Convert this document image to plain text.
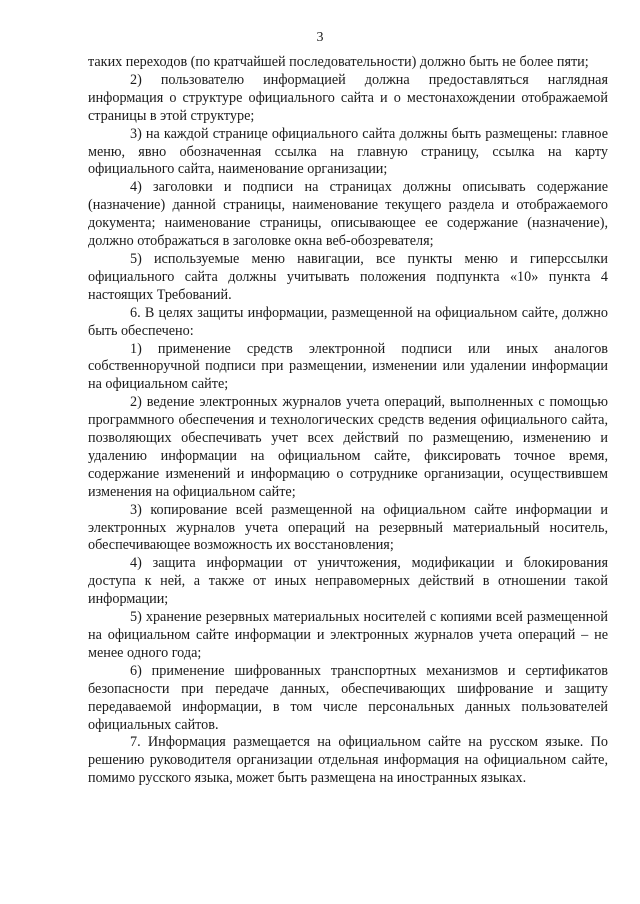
3

таких переходов (по кратчайшей последовательности) должно быть не более пяти;

2) пользователю информацией должна предоставляться наглядная информация о структуре официального сайта и о местонахождении отображаемой страницы в этой структуре;

3) на каждой странице официального сайта должны быть размещены: главное меню, явно обозначенная ссылка на главную страницу, ссылка на карту официального сайта, наименование организации;

4) заголовки и подписи на страницах должны описывать содержание (назначение) данной страницы, наименование текущего раздела и отображаемого документа; наименование страницы, описывающее ее содержание (назначение), должно отображаться в заголовке окна веб-обозревателя;

5) используемые меню навигации, все пункты меню и гиперссылки официального сайта должны учитывать положения подпункта «10» пункта 4 настоящих Требований.

6. В целях защиты информации, размещенной на официальном сайте, должно быть обеспечено:

1) применение средств электронной подписи или иных аналогов собственноручной подписи при размещении, изменении или удалении информации на официальном сайте;

2) ведение электронных журналов учета операций, выполненных с помощью программного обеспечения и технологических средств ведения официального сайта, позволяющих обеспечивать учет всех действий по размещению, изменению и удалению информации на официальном сайте, фиксировать точное время, содержание изменений и информацию о сотруднике организации, осуществившем изменения на официальном сайте;

3) копирование всей размещенной на официальном сайте информации и электронных журналов учета операций на резервный материальный носитель, обеспечивающее возможность их восстановления;

4) защита информации от уничтожения, модификации и блокирования доступа к ней, а также от иных неправомерных действий в отношении такой информации;

5) хранение резервных материальных носителей с копиями всей размещенной на официальном сайте информации и электронных журналов учета операций – не менее одного года;

6) применение шифрованных транспортных механизмов и сертификатов безопасности при передаче данных, обеспечивающих шифрование и защиту передаваемой информации, в том числе персональных данных пользователей официальных сайтов.

7. Информация размещается на официальном сайте на русском языке. По решению руководителя организации отдельная информация на официальном сайте, помимо русского языка, может быть размещена на иностранных языках.
